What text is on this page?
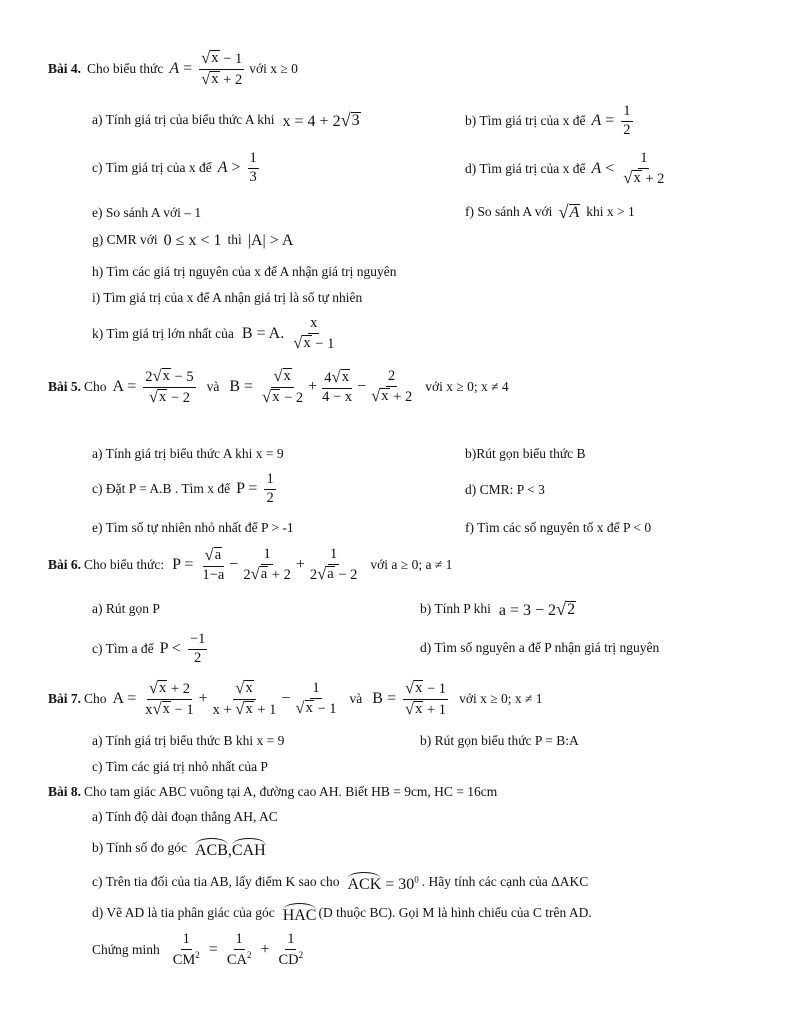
Bài 4. Cho biểu thức $A = \frac{√ x - 1}{√ x + 2}$ với x ≥ 0
a) Tính giá trị của biểu thức A khi x = 4 + 2 √ 3	b) Tìm giá trị của x để $A = \frac{1}{2}$
c) Tìm giá trị của x để $A > \frac{1}{3}$	d) Tìm giá trị của x để $A < \frac{1}{√ x + 2}$
e) So sánh A với – 1	f) So sánh A với √ A khi x > 1
g) CMR với 0 ≤ x < 1 thì |A| > A
h) Tìm các giá trị nguyên của x để A nhận giá trị nguyên
i) Tìm giá trị của x để A nhận giá trị là số tự nhiên
k) Tìm giá trị lớn nhất của B = A. $\frac{x}{√ x - 1}$
Bài 5. Cho $A = \frac{2 √ x - 5}{√ x - 2}$ và $B = \frac{√ x}{√ x - 2} + \frac{4 √ x}{4 - x} - \frac{2}{√ x + 2}$ với x ≥ 0; x ≠ 4
a) Tính giá trị biểu thức A khi x = 9	b)Rút gọn biểu thức B
c) Đặt P = A.B . Tìm x để $P = \frac{1}{2}$	d) CMR: P < 3
e) Tìm số tự nhiên nhỏ nhất để P > -1	f) Tìm các số nguyên tố x để P < 0
Bài 6. Cho biểu thức: $P = \frac{√ a}{1-a} - \frac{1}{2 √ a + 2} + \frac{1}{2 √ a - 2}$ với a ≥ 0; a ≠ 1
a) Rút gọn P	b) Tính P khi a = 3 − 2 √ 2
c) Tìm a để $P < \frac{-1}{2}$	d) Tìm số nguyên a để P nhận giá trị nguyên
Bài 7. Cho $A = \frac{√ x + 2}{x √ x - 1} + \frac{√ x}{x + √ x + 1} - \frac{1}{√ x - 1}$ và $B = \frac{√ x - 1}{√ x + 1}$ với x ≥ 0; x ≠ 1
a) Tính giá trị biểu thức B khi x = 9	b) Rút gọn biểu thức P = B:A
c) Tìm các giá trị nhỏ nhất của P
Bài 8. Cho tam giác ABC vuông tại A, đường cao AH. Biết HB = 9cm, HC = 16cm
a) Tính độ dài đoạn thẳng AH, AC
b) Tính số đo góc ACB,CAH
c) Trên tia đối của tia AB, lấy điểm K sao cho ACK = $30^0$ . Hãy tính các cạnh của ΔAKC
d) Vẽ AD là tia phân giác của góc HAC (D thuộc BC). Gọi M là hình chiếu của C trên AD.
Chứng minh $\frac{1}{CM^2} = \frac{1}{CA^2} + \frac{1}{CD^2}$
